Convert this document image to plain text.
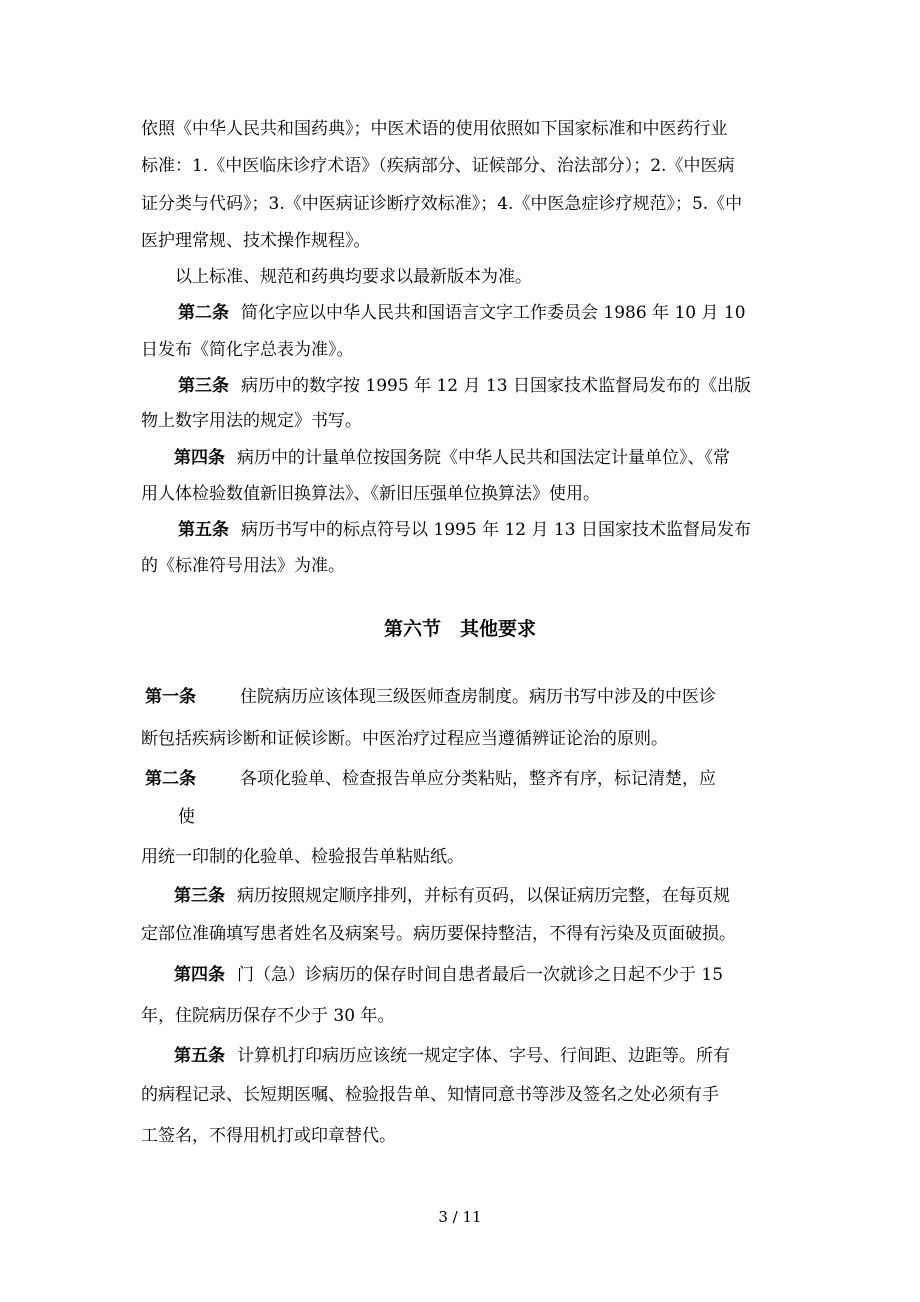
依照《中华人民共和国药典》；中医术语的使用依照如下国家标准和中医药行业
标准：1.《中医临床诊疗术语》（疾病部分、证候部分、治法部分）；2.《中医病
证分类与代码》；3.《中医病证诊断疗效标准》；4.《中医急症诊疗规范》；5.《中
医护理常规、技术操作规程》。
以上标准、规范和药典均要求以最新版本为准。
第二条 简化字应以中华人民共和国语言文字工作委员会 1986 年 10 月 10
日发布《简化字总表为准》。
第三条 病历中的数字按 1995 年 12 月 13 日国家技术监督局发布的《出版
物上数字用法的规定》书写。
第四条 病历中的计量单位按国务院《中华人民共和国法定计量单位》、《常
用人体检验数值新旧换算法》、《新旧压强单位换算法》使用。
第五条 病历书写中的标点符号以 1995 年 12 月 13 日国家技术监督局发布
的《标准符号用法》为准。
第六节　其他要求
第一条	住院病历应该体现三级医师查房制度。病历书写中涉及的中医诊
断包括疾病诊断和证候诊断。中医治疗过程应当遵循辨证论治的原则。
第二条	各项化验单、检查报告单应分类粘贴，整齐有序，标记清楚，应
使
用统一印制的化验单、检验报告单粘贴纸。
第三条 病历按照规定顺序排列，并标有页码，以保证病历完整，在每页规
定部位准确填写患者姓名及病案号。病历要保持整洁，不得有污染及页面破损。
第四条 门（急）诊病历的保存时间自患者最后一次就诊之日起不少于 15
年，住院病历保存不少于 30 年。
第五条 计算机打印病历应该统一规定字体、字号、行间距、边距等。所有
的病程记录、长短期医嘱、检验报告单、知情同意书等涉及签名之处必须有手
工签名，不得用机打或印章替代。
3 / 11
